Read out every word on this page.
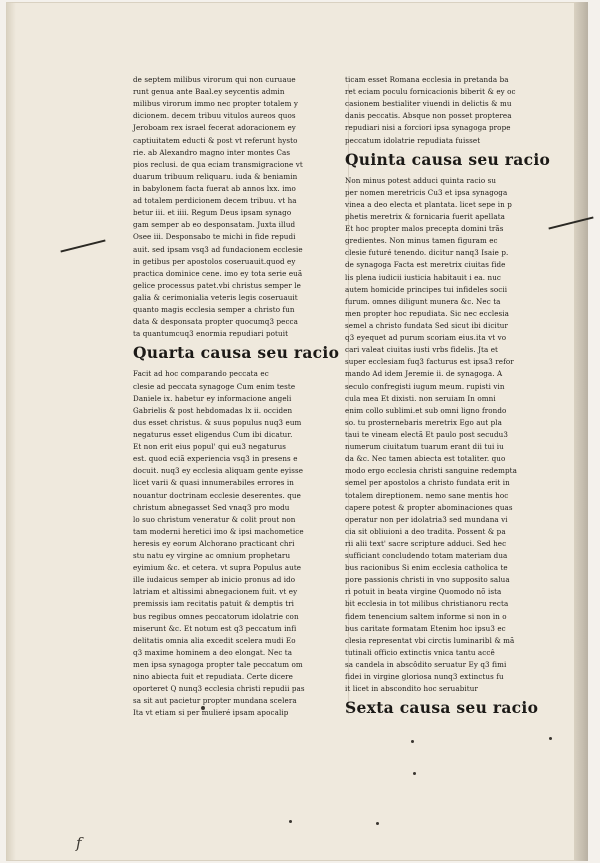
de septem milibus virorum qui non curuaue
runt genua ante Baal.ey seycentis admin
milibus virorum immo nec propter totalem y
dicionem. decem tribuu vitulos aureos quos
Jeroboam rex israel fecerat adoracionem ey
captiuitatem educti & post vt referunt hysto
rie. ab Alexandro magno inter montes Cas
pios reclusi. de qua eciam transmigracione vt
duarum tribuum reliquaru. iuda & beniamin
in babylonem facta fuerat ab annos lxx. imo
ad totalem perdicionem decem tribuu. vt ha
betur iii. et iiii. Regum Deus ipsam synago
gam semper ab eo desponsatam. Juxta illud
Osee iii. Desponsabo te michi in fide repudi
auit. sed ipsam vsq3 ad fundacionem ecclesie
in getibus per apostolos coseruauit.quod ey
practica dominice cene. imo ey tota serie euã
gelice processus patet.vbi christus semper le
galia & cerimonialia veteris legis coseruauit
quanto magis ecclesia semper a christo fun
data & desponsata propter quocumq3 pecca
ta quantumcuq3 enormia repudiari potuit
Quarta causa seu racio
Facit ad hoc comparando peccata ec
clesie ad peccata synagoge Cum enim teste
Daniele ix. habetur ey informacione angeli
Gabrielis & post hebdomadas lx ii. occiden
dus esset christus. & suus populus nuq3 eum
negaturus esset eligendus Cum ibi dicatur.
Et non erit eius popul' qui eu3 negaturus
est. quod eciã experiencia vsq3 in presens e
docuit. nuq3 ey ecclesia aliquam gente eyisse
licet varii & quasi innumerabiles errores in
nouantur doctrinam ecclesie deserentes. que
christum abnegasset Sed vnaq3 pro modu
lo suo christum veneratur & colit prout non
tam moderni heretici imo & ipsi machometice
heresis ey eorum Alchorano practicant chri
stu natu ey virgine ac omnium prophetaru
eyimium &c. et cetera. vt supra Populus aute
ille iudaicus semper ab inicio pronus ad ido
latriam et altissimi abnegacionem fuit. vt ey
premissis iam recitatis patuit & demptis tri
bus regibus omnes peccatorum idolatrie con
miserunt &c. Et notum est q3 peccatum infi
delitatis omnia alia excedit scelera mudi Eo
q3 maxime hominem a deo elongat. Nec ta
men ipsa synagoga propter tale peccatum om
nino abiecta fuit et repudiata. Certe dicere
oporteret Q nunq3 ecclesia christi repudii pas
sa sit aut pacietur propter mundana scelera
Ita vt etiam si per mulieré ipsam apocalip
ticam esset Romana ecclesia in pretanda ba
ret eciam poculu fornicacionis biberit & ey oc
casionem bestialiter viuendi in delictis & mu
danis peccatis. Absque non posset propterea
repudiari nisi a forciori ipsa synagoga prope
peccatum idolatrie repudiata fuisset
Quinta causa seu racio
Non minus potest adduci quinta racio su
per nomen meretricis Cu3 et ipsa synagoga
vinea a deo electa et plantata. licet sepe in p
phetis meretrix & fornicaria fuerit apellata
Et hoc propter malos precepta domini trãs
gredientes. Non minus tamen figuram ec
clesie futuré tenendo. dicitur nanq3 Isaie p.
de synagoga Facta est meretrix ciuitas fide
lis plena iudicii iusticia habitauit i ea. nuc
autem homicide principes tui infideles socii
furum. omnes diligunt munera &c. Nec ta
men propter hoc repudiata. Sic nec ecclesia
semel a christo fundata Sed sicut ibi dicitur
q3 eyequet ad purum scoriam eius.ita vt vo
cari valeat ciuitas iusti vrbs fidelis. Jta et
super ecclesiam fuq3 facturus est ipsa3 refor
mando Ad idem Jeremie ii. de synagoga. A
seculo confregisti iugum meum. rupisti vin
cula mea Et dixisti. non seruiam In omni
enim collo sublimi.et sub omni ligno frondo
so. tu prosternebaris meretrix Ego aut pla
taui te vineam electã Et paulo post secudu3
numerum ciuitatum tuarum erant dii tui iu
da &c. Nec tamen abiecta est totaliter. quo
modo ergo ecclesia christi sanguine redempta
semel per apostolos a christo fundata erit in
totalem direptionem. nemo sane mentis hoc
capere potest & propter abominaciones quas
operatur non per idolatria3 sed mundana vi
cia sit obliuioni a deo tradita. Possent & pa
rii alii text' sacre scripture adduci. Sed hec
sufficiant concludendo totam materiam dua
bus racionibus Si enim ecclesia catholica te
pore passionis christi in vno supposito salua
ri potuit in beata virgine Quomodo nõ ista
bit ecclesia in tot milibus christianoru recta
fidem tenencium saltem informe si non in o
bus caritate formatam Etenim hoc ipsu3 ec
clesia representat vbi circtis luminaribl & mã
tutinali officio extinctis vnica tantu accê
sa candela in abscôdito seruatur Ey q3 fimi
fidei in virgine gloriosa nunq3 extinctus fu
it licet in abscondito hoc seruabitur
Sexta causa seu racio
f
